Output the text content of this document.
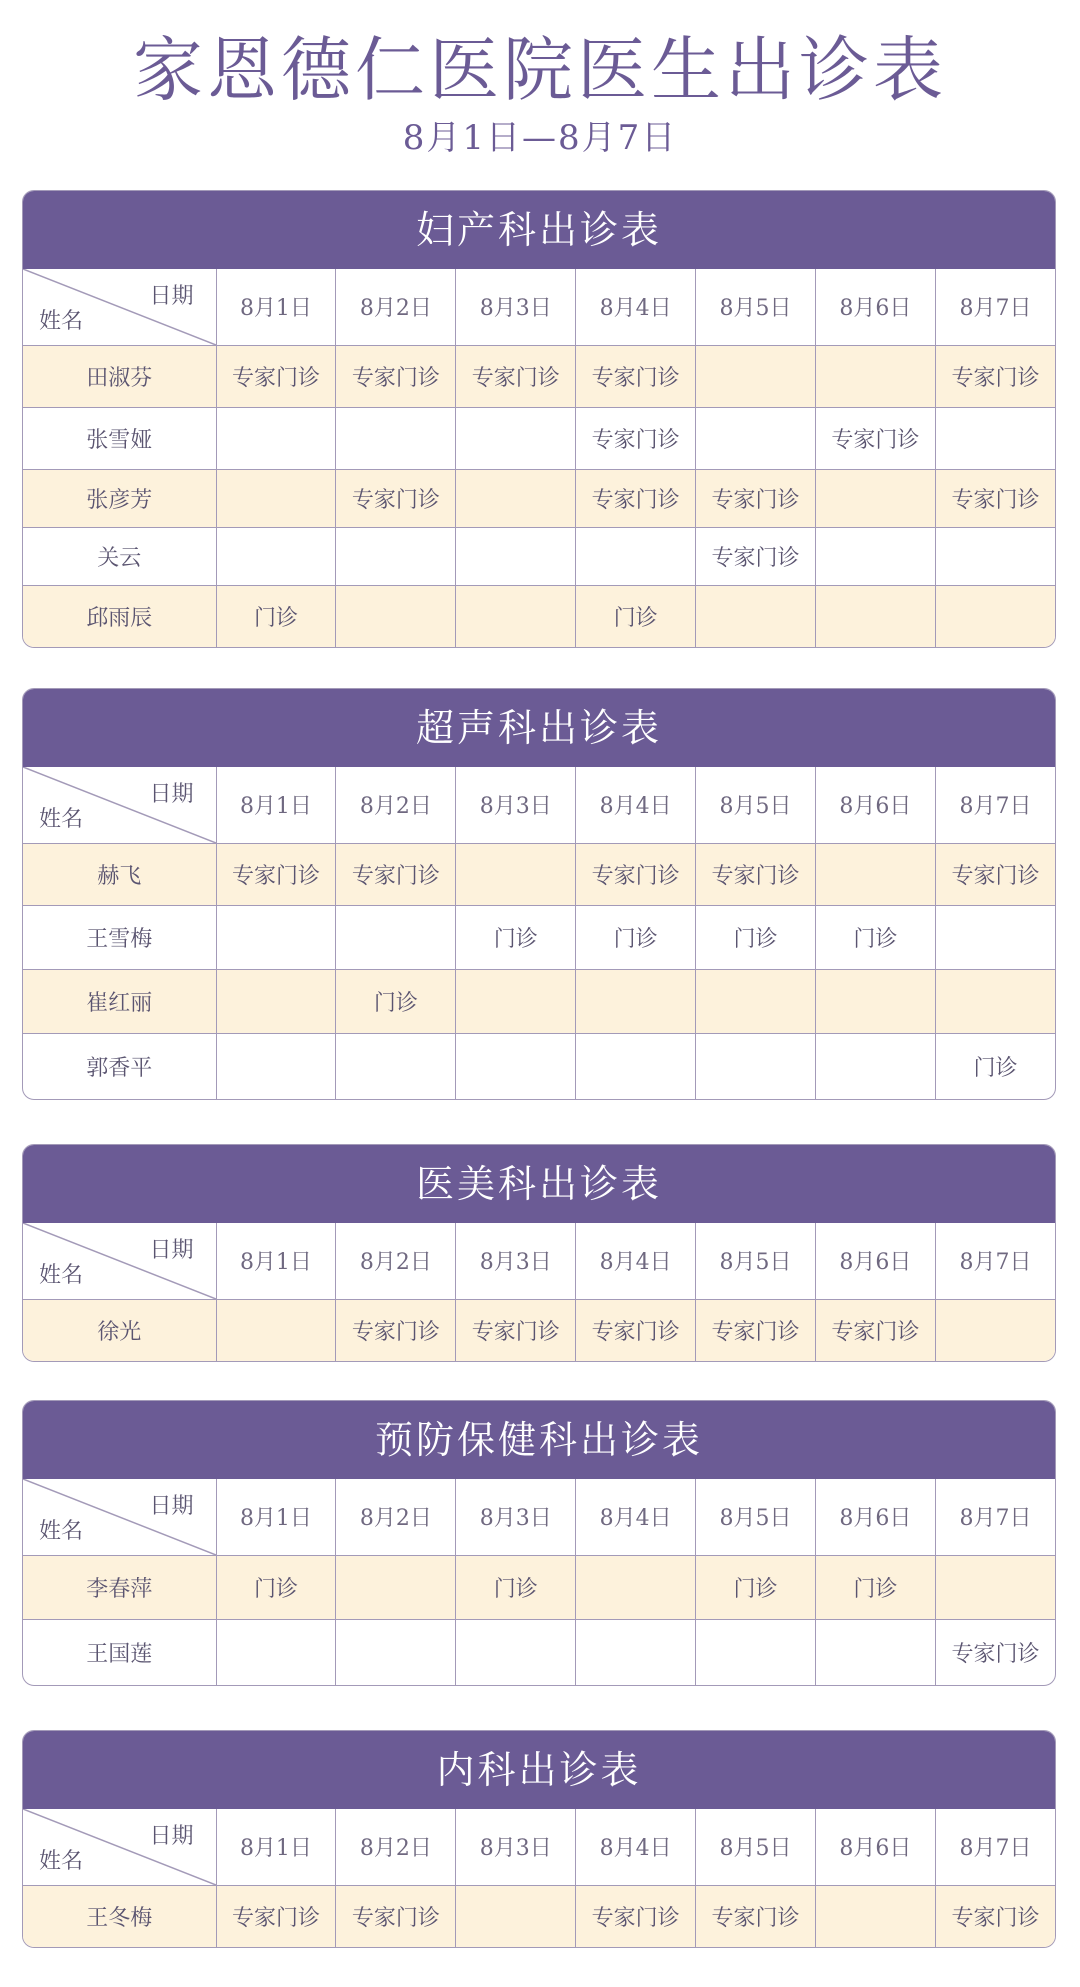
家恩德仁医院医生出诊表
8月1日—8月7日
妇产科出诊表
日期
姓名	8月1日	8月2日	8月3日	8月4日	8月5日	8月6日	8月7日
田淑芬	专家门诊	专家门诊	专家门诊	专家门诊			专家门诊
张雪娅				专家门诊		专家门诊	
张彦芳		专家门诊		专家门诊	专家门诊		专家门诊
关云					专家门诊		
邱雨辰	门诊			门诊			
超声科出诊表
日期
姓名	8月1日	8月2日	8月3日	8月4日	8月5日	8月6日	8月7日
赫飞	专家门诊	专家门诊		专家门诊	专家门诊		专家门诊
王雪梅			门诊	门诊	门诊	门诊	
崔红丽		门诊					
郭香平							门诊
医美科出诊表
日期
姓名	8月1日	8月2日	8月3日	8月4日	8月5日	8月6日	8月7日
徐光		专家门诊	专家门诊	专家门诊	专家门诊	专家门诊	
预防保健科出诊表
日期
姓名	8月1日	8月2日	8月3日	8月4日	8月5日	8月6日	8月7日
李春萍	门诊		门诊		门诊	门诊	
王国莲							专家门诊
内科出诊表
日期
姓名	8月1日	8月2日	8月3日	8月4日	8月5日	8月6日	8月7日
王冬梅	专家门诊	专家门诊		专家门诊	专家门诊		专家门诊
